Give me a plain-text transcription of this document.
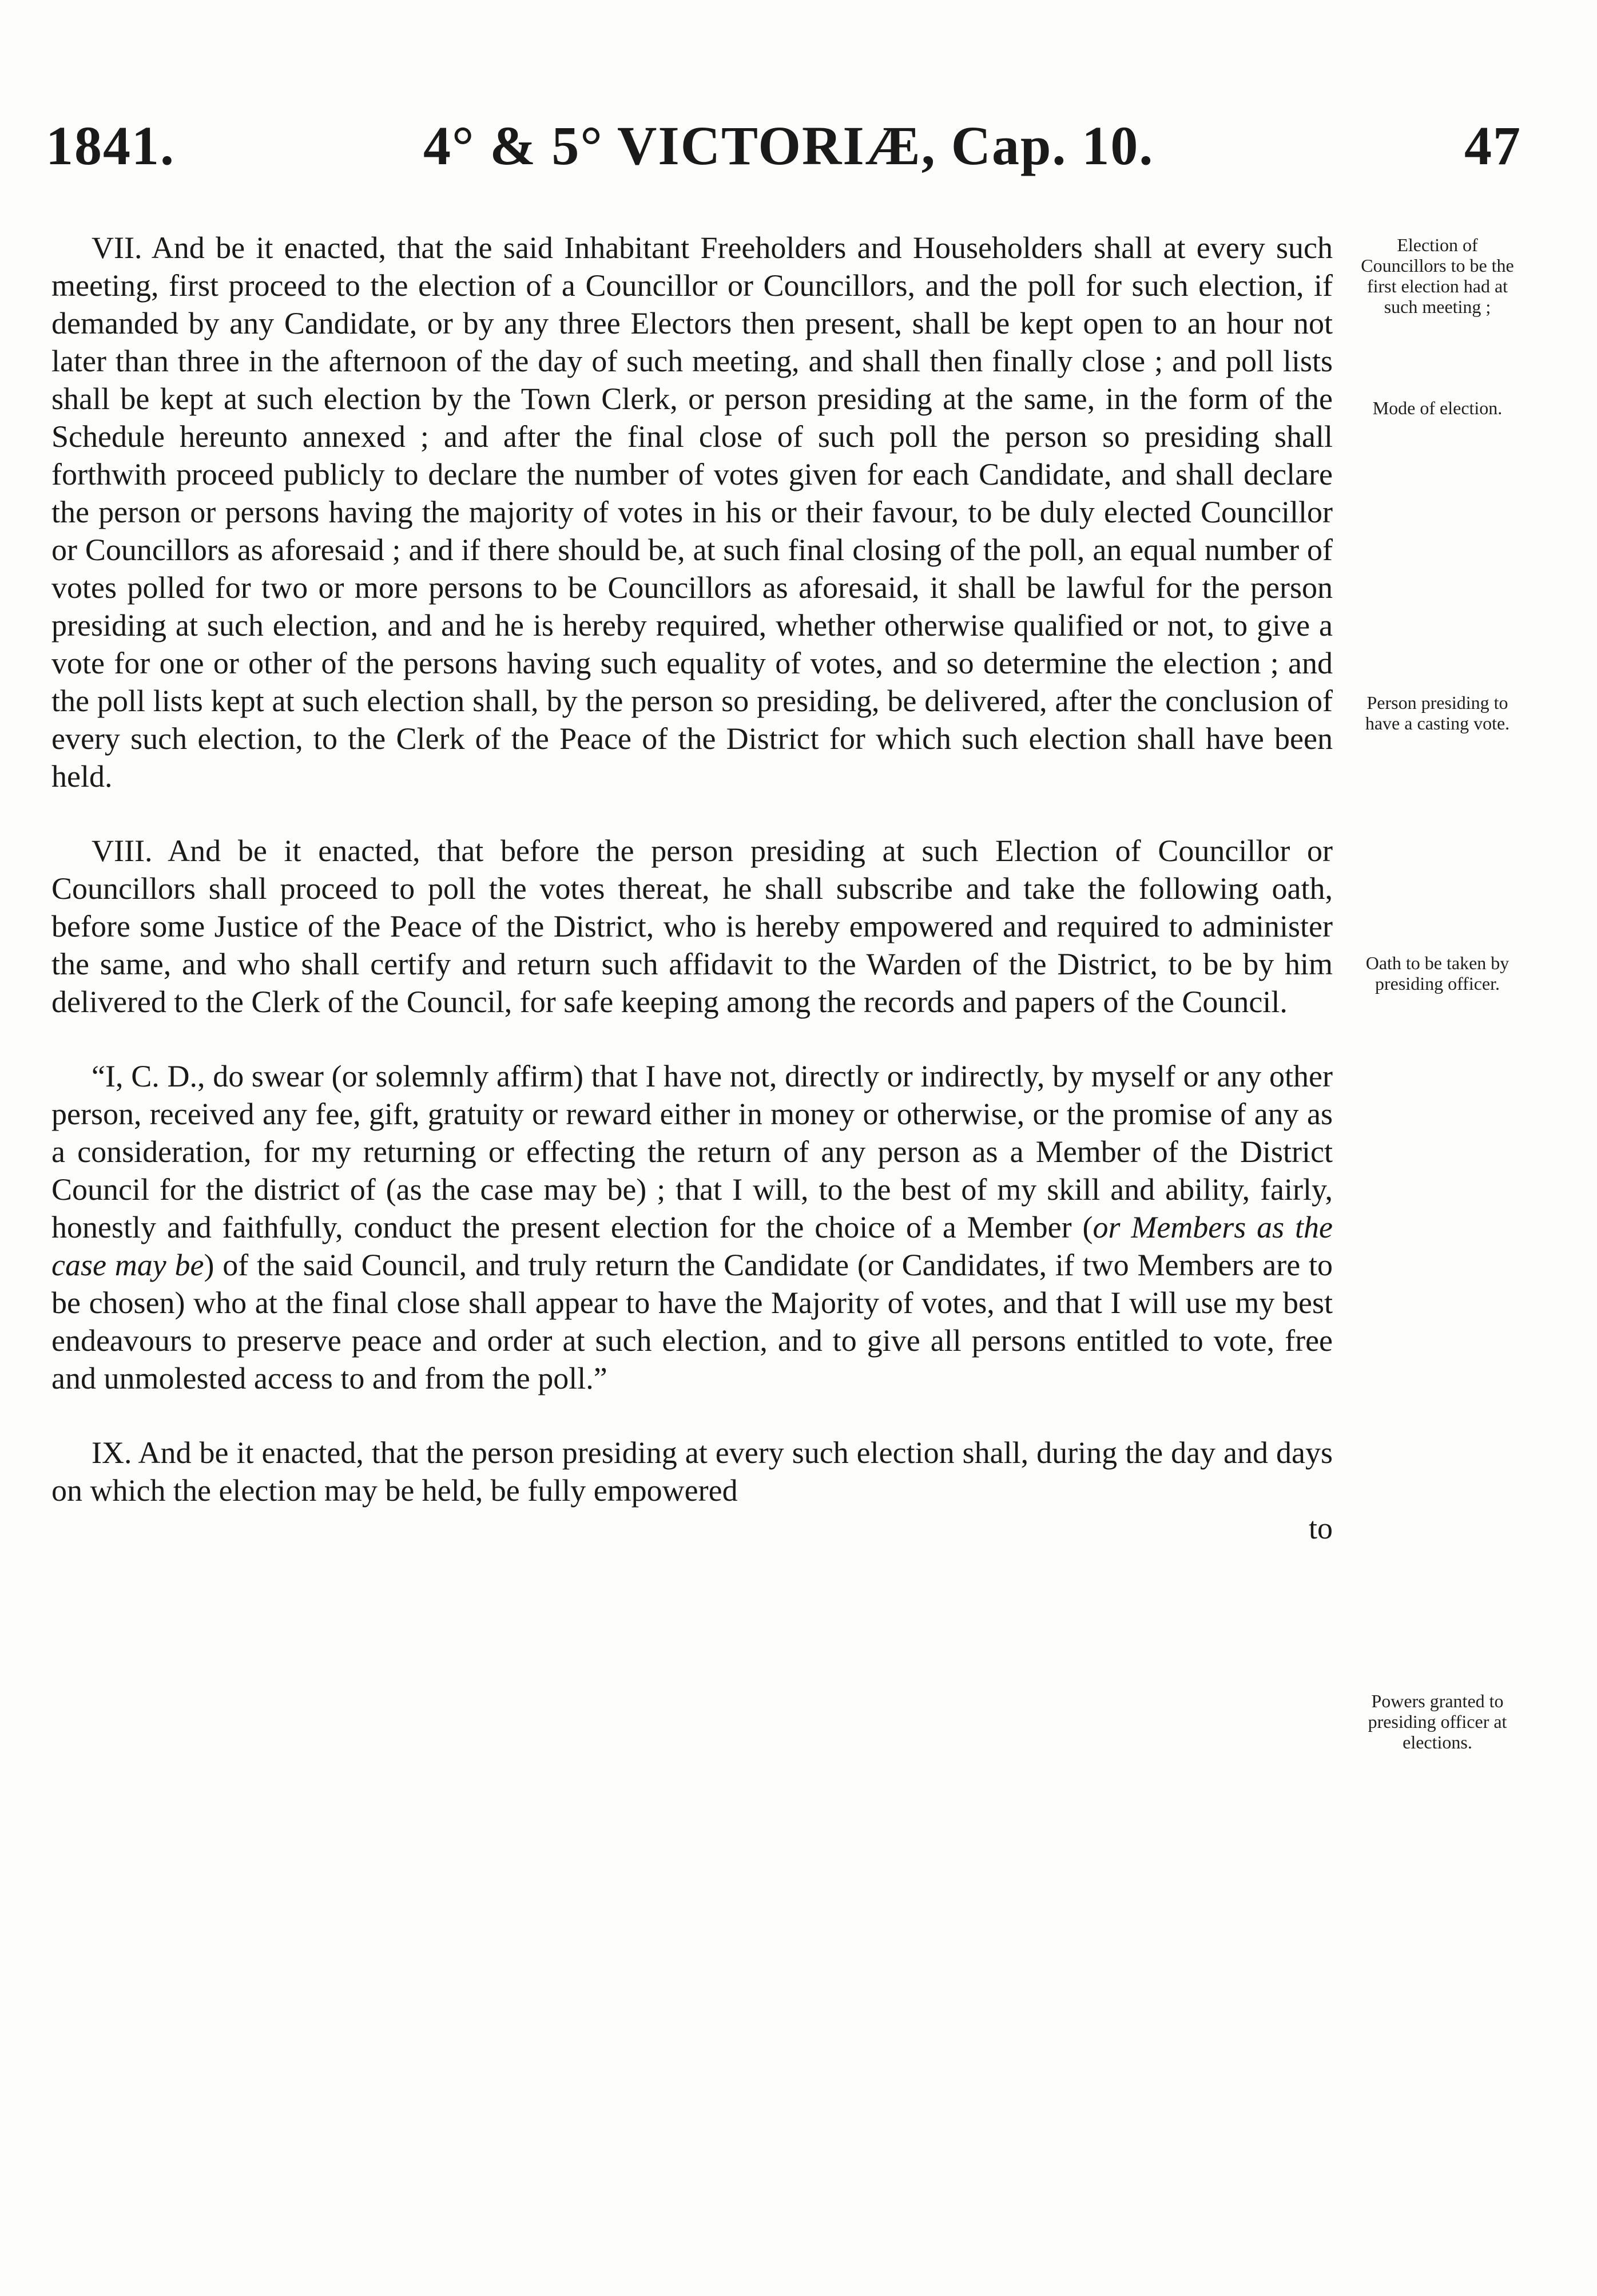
1841.	4° & 5° VICTORIÆ, Cap. 10.	47

VII. And be it enacted, that the said Inhabitant Freeholders and Householders shall at every such meeting, first proceed to the election of a Councillor or Councillors, and the poll for such election, if demanded by any Candidate, or by any three Electors then present, shall be kept open to an hour not later than three in the afternoon of the day of such meeting, and shall then finally close ; and poll lists shall be kept at such election by the Town Clerk, or person presiding at the same, in the form of the Schedule hereunto annexed ; and after the final close of such poll the person so presiding shall forthwith proceed publicly to declare the number of votes given for each Candidate, and shall declare the person or persons having the majority of votes in his or their favour, to be duly elected Councillor or Councillors as aforesaid ; and if there should be, at such final closing of the poll, an equal number of votes polled for two or more persons to be Councillors as aforesaid, it shall be lawful for the person presiding at such election, and and he is hereby required, whether otherwise qualified or not, to give a vote for one or other of the persons having such equality of votes, and so determine the election ; and the poll lists kept at such election shall, by the person so presiding, be delivered, after the conclusion of every such election, to the Clerk of the Peace of the District for which such election shall have been held.

VIII. And be it enacted, that before the person presiding at such Election of Councillor or Councillors shall proceed to poll the votes thereat, he shall subscribe and take the following oath, before some Justice of the Peace of the District, who is hereby empowered and required to administer the same, and who shall certify and return such affidavit to the Warden of the District, to be by him delivered to the Clerk of the Council, for safe keeping among the records and papers of the Council.

“I, C. D., do swear (or solemnly affirm) that I have not, directly or indirectly, by myself or any other person, received any fee, gift, gratuity or reward either in money or otherwise, or the promise of any as a consideration, for my returning or effecting the return of any person as a Member of the District Council for the district of (as the case may be) ; that I will, to the best of my skill and ability, fairly, honestly and faithfully, conduct the present election for the choice of a Member (or Members as the case may be) of the said Council, and truly return the Candidate (or Candidates, if two Members are to be chosen) who at the final close shall appear to have the Majority of votes, and that I will use my best endeavours to preserve peace and order at such election, and to give all persons entitled to vote, free and unmolested access to and from the poll.”

IX. And be it enacted, that the person presiding at every such election shall, during the day and days on which the election may be held, be fully empowered

to
Election of Councillors to be the first election had at such meeting ;
Mode of election.
Person presiding to have a casting vote.
Oath to be taken by presiding officer.
Powers granted to presiding officer at elections.
